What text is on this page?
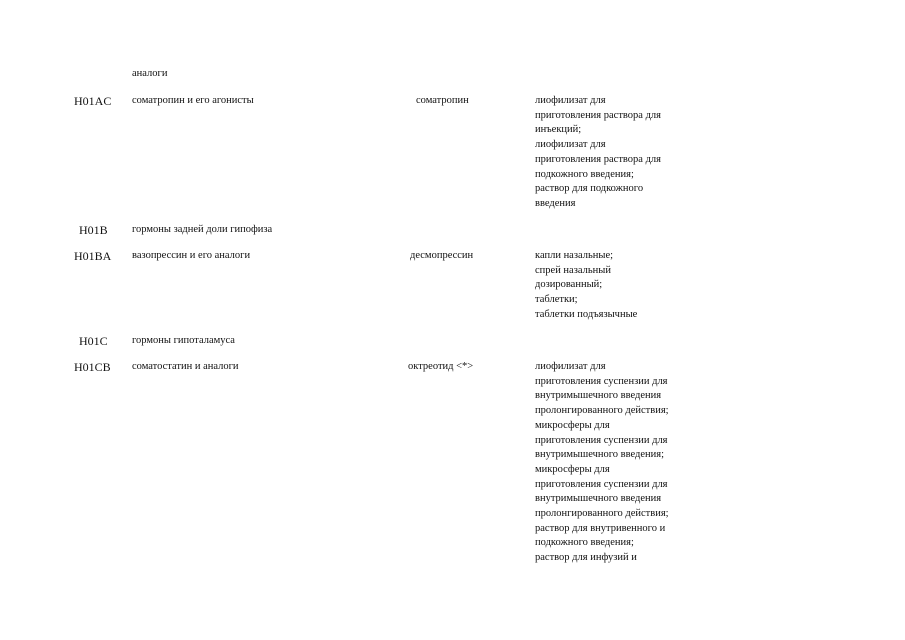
аналоги
H01AC соматропин и его агонисты	соматропин	лиофилизат для
приготовления раствора для
инъекций;
лиофилизат для
приготовления раствора для
подкожного введения;
раствор для подкожного
введения
H01B гормоны задней доли гипофиза
H01BA вазопрессин и его аналоги	десмопрессин	капли назальные;
спрей назальный
дозированный;
таблетки;
таблетки подъязычные
H01C гормоны гипоталамуса
H01CB соматостатин и аналоги	октреотид <*>	лиофилизат для
приготовления суспензии для
внутримышечного введения
пролонгированного действия;
микросферы для
приготовления суспензии для
внутримышечного введения;
микросферы для
приготовления суспензии для
внутримышечного введения
пролонгированного действия;
раствор для внутривенного и
подкожного введения;
раствор для инфузий и
